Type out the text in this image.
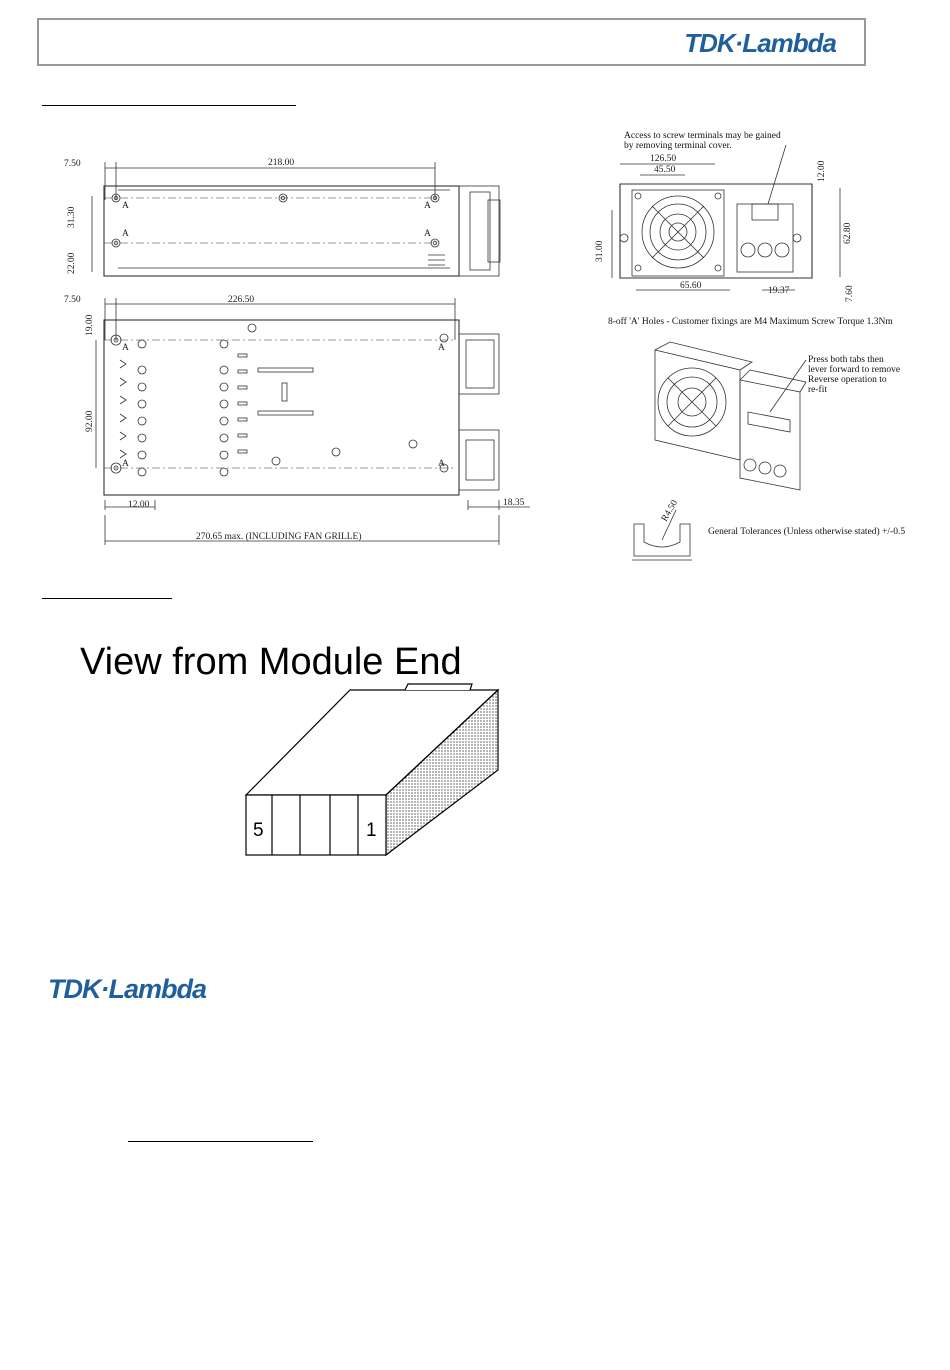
TDK·Lambda
7.50	218.00
31.30
22.00
A
A
A
A
7.50	226.50
19.00
92.00
A
A
A
A
12.00	18.35
270.65 max. (INCLUDING FAN GRILLE)
Access to screw terminals may be gained
by removing terminal cover.
126.50
45.50	12.00
62.80
31.00
65.60	19.37	7.60
8-off 'A' Holes - Customer fixings are M4 Maximum Screw Torque 1.3Nm
Press both tabs then
lever forward to remove
Reverse operation to
re-fit
R4.50
General Tolerances (Unless otherwise stated) +/-0.5
View from Module End
5	1
TDK·Lambda
